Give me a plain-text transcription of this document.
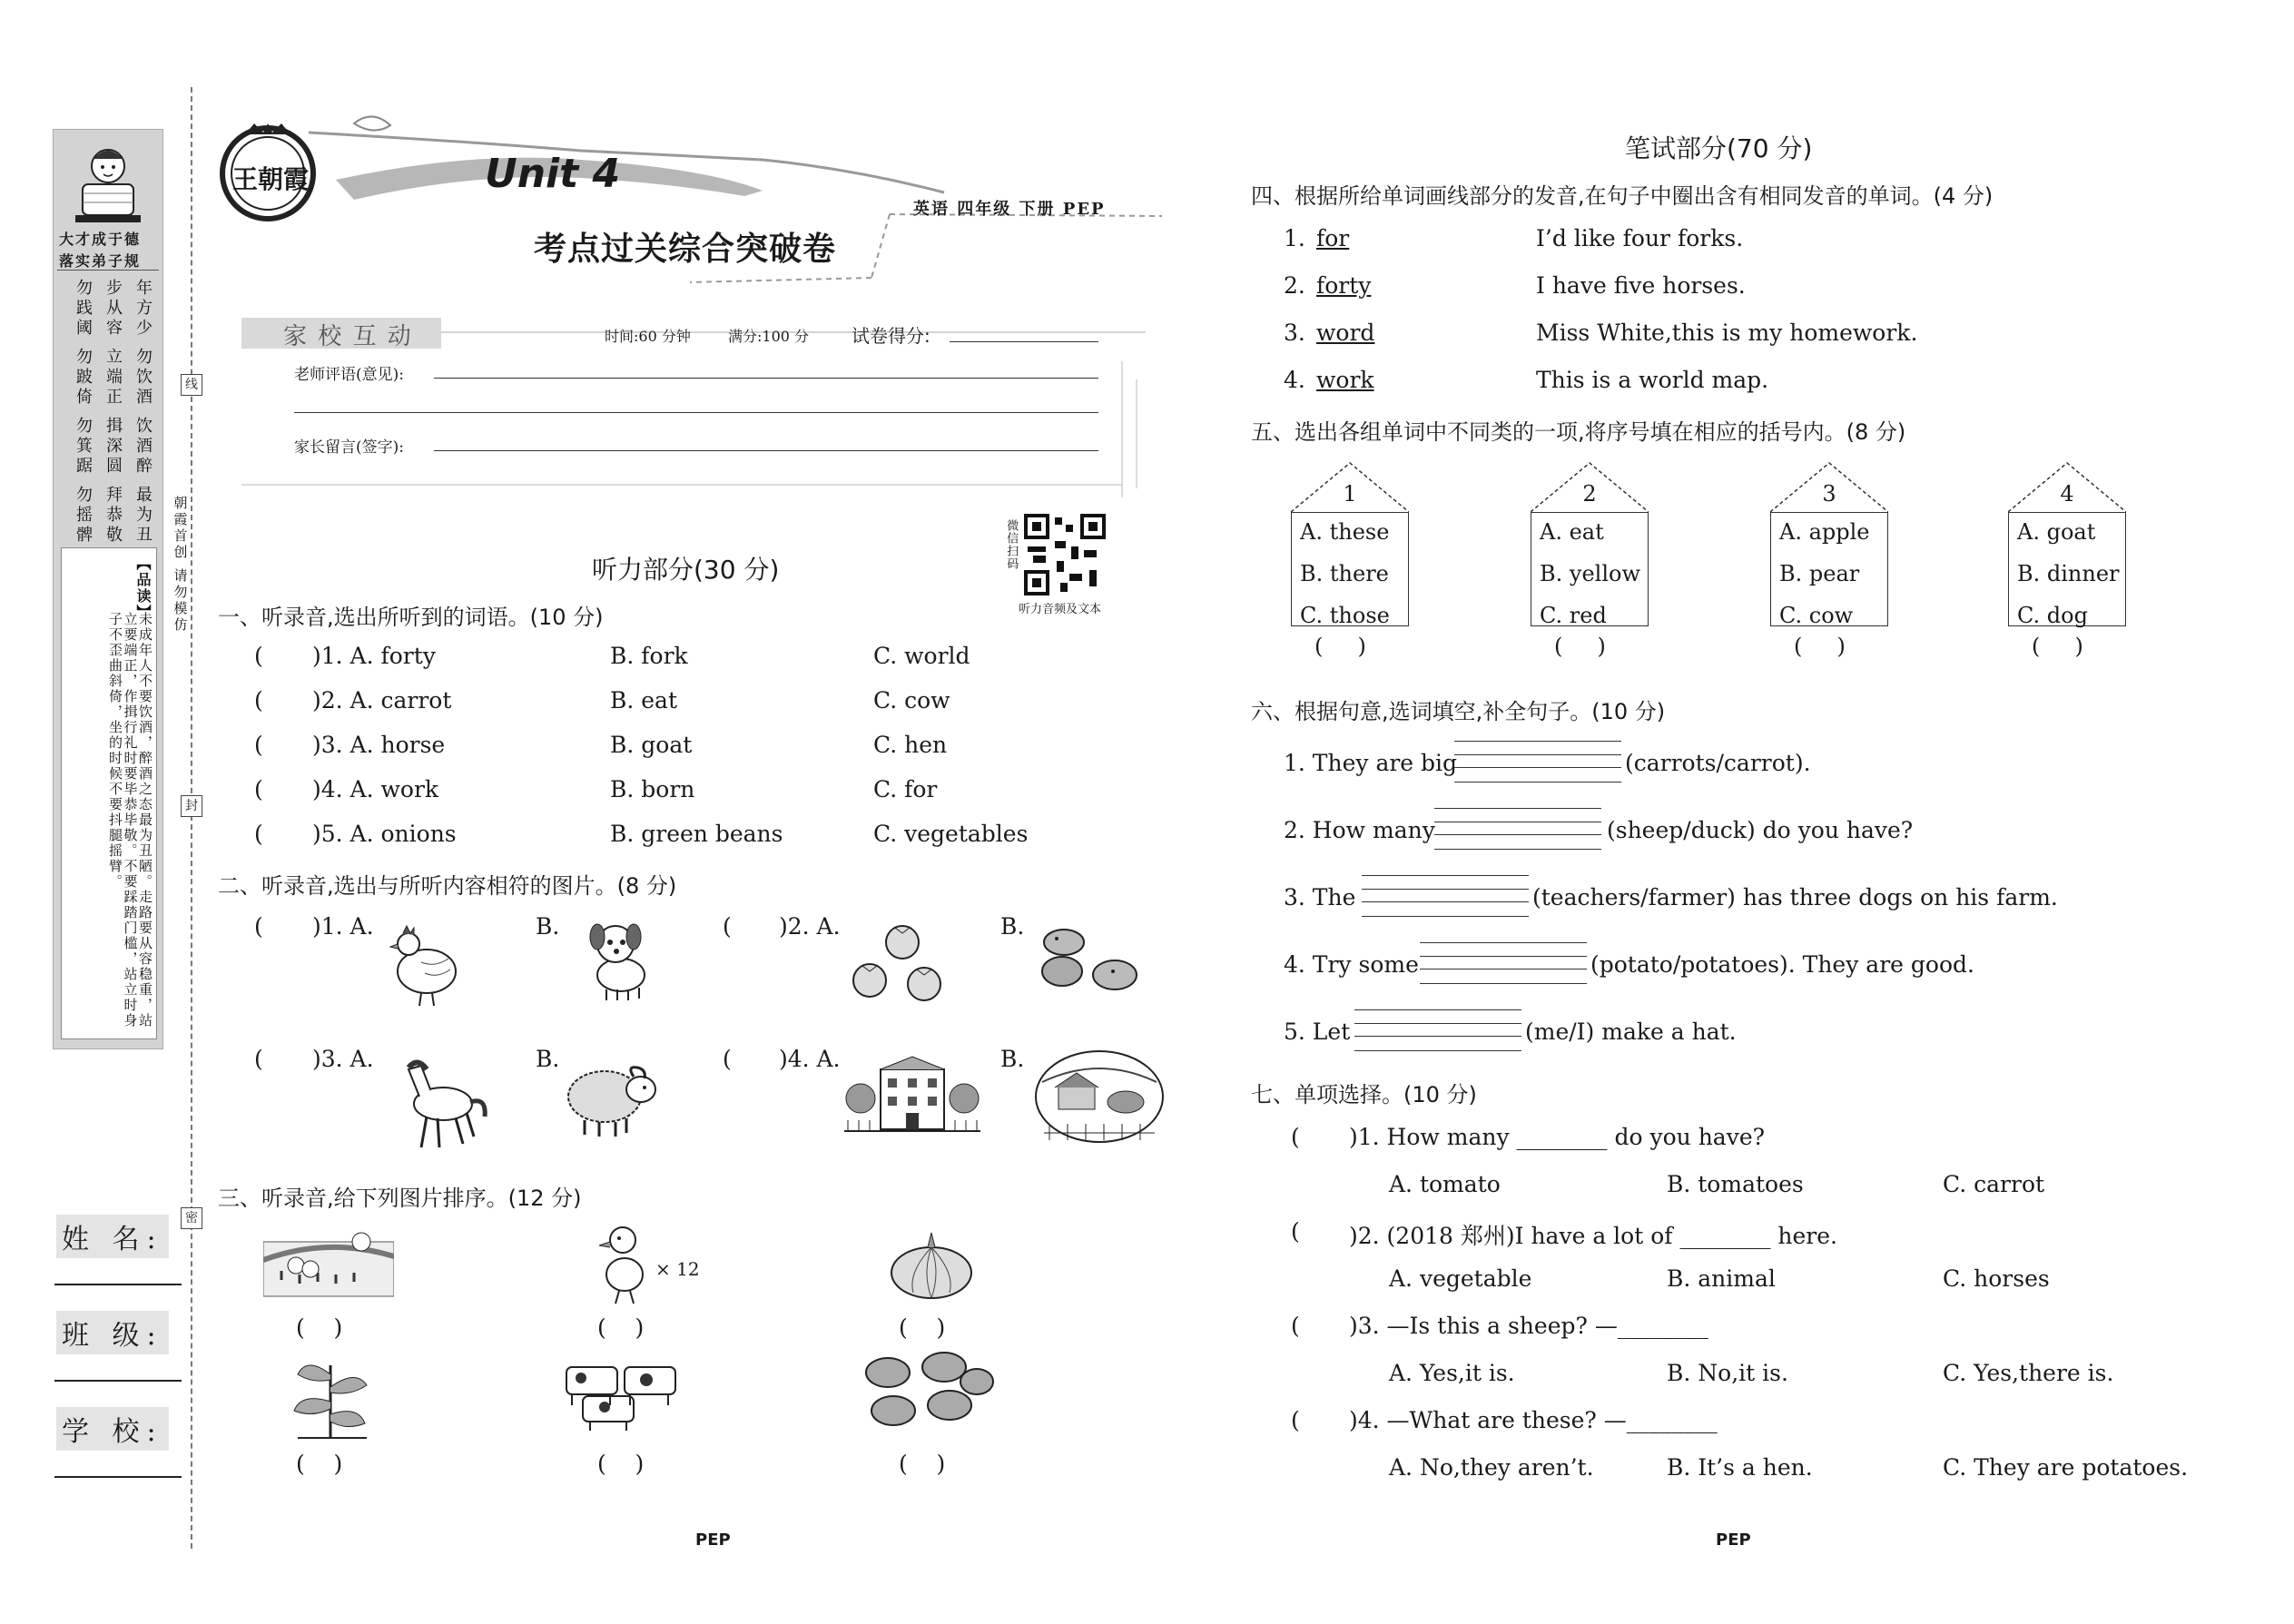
大才成于德
落实弟子规
年方少
勿饮酒
饮酒醉
最为丑
步从容
立端正
揖深圆
拜恭敬
勿践阈
勿跛倚
勿箕踞
勿摇髀
【品读】
未成年人不要饮酒，醉酒之态最为丑陋。走路要从容稳重，站立要端正，作揖行礼时要毕恭毕敬。不要踩踏门槛，站立时身子不歪曲斜倚，坐的时候不要抖腿摇臂。
线
封
密
朝霞首创 请勿模仿
姓 名:
班 级:
学 校:
王朝霞	Unit 4
考点过关综合突破卷
英语 四年级 下册 PEP
家 校 互 动	时间:60 分钟	满分:100 分 试卷得分:
老师评语(意见):
家长留言(签字):
微信扫码
听力音频及文本
听力部分(30 分)
一、听录音,选出所听到的词语。(10 分)
( )1. A. forty	B. fork	C. world
( )2. A. carrot	B. eat	C. cow
( )3. A. horse	B. goat	C. hen
( )4. A. work	B. born	C. for
( )5. A. onions	B. green beans	C. vegetables
二、听录音,选出与所听内容相符的图片。(8 分)
( )1. A.	B.	( )2. A.	B.
( )3. A.	B.	( )4. A.	B.
三、听录音,给下列图片排序。(12 分)
× 12
(    )	(    )	(    )
(    )	(    )	(    )
PEP
笔试部分(70 分)
四、根据所给单词画线部分的发音,在句子中圈出含有相同发音的单词。(4 分)
1. for	I’d like four forks.
2. forty	I have five horses.
3. word	Miss White,this is my homework.
4. work	This is a world map.
五、选出各组单词中不同类的一项,将序号填在相应的括号内。(8 分)
1
A. these
B. there
C. those
(     )
2
A. eat
B. yellow
C. red
(     )
3
A. apple
B. pear
C. cow
(     )
4
A. goat
B. dinner
C. dog
(     )
六、根据句意,选词填空,补全句子。(10 分)
1. They are big	(carrots/carrot).
2. How many	(sheep/duck) do you have?
3. The	(teachers/farmer) has three dogs on his farm.
4. Try some	(potato/potatoes). They are good.
5. Let	(me/I) make a hat.
七、单项选择。(10 分)
( )1. How many ________ do you have?
A. tomato	B. tomatoes	C. carrot
( )2. (2018 郑州)I have a lot of ________ here.
A. vegetable	B. animal	C. horses
( )3. —Is this a sheep? —________
A. Yes,it is.	B. No,it is.	C. Yes,there is.
( )4. —What are these? —________
A. No,they aren’t.	B. It’s a hen.	C. They are potatoes.
PEP
